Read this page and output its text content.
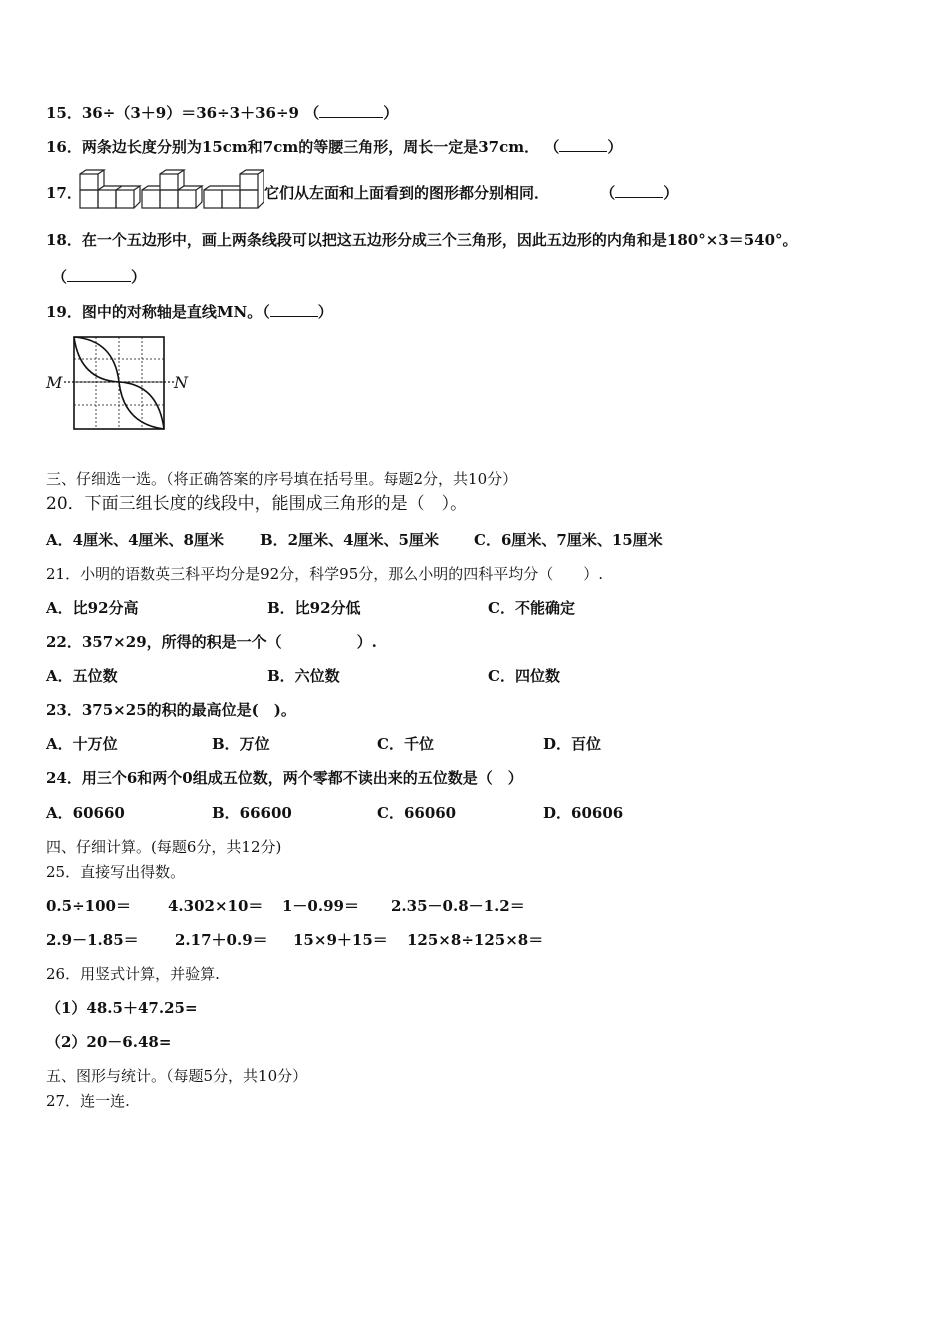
15．36÷（3＋9）＝36÷3＋36÷9 （	）
16．两条边长度分别为15cm和7cm的等腰三角形，周长一定是37cm． （	）
17．	它们从左面和上面看到的图形都分别相同．	（	）
18．在一个五边形中，画上两条线段可以把这五边形分成三个三角形，因此五边形的内角和是180°×3＝540°。
（	）
19．图中的对称轴是直线MN。（	）
M	N
三、仔细选一选。（将正确答案的序号填在括号里。每题2分，共10分）
20．下面三组长度的线段中，能围成三角形的是（　）。
A．4厘米、4厘米、8厘米 B．2厘米、4厘米、5厘米 C．6厘米、7厘米、15厘米
21．小明的语数英三科平均分是92分，科学95分，那么小明的四科平均分（　　）.
A．比92分高	B．比92分低	C．不能确定
22．357×29，所得的积是一个（　　　　　）.
A．五位数	B．六位数	C．四位数
23．375×25的积的最高位是(　)。
A．十万位	B．万位	C．千位	D．百位
24．用三个6和两个0组成五位数，两个零都不读出来的五位数是（　）
A．60660	B．66600	C．66060	D．60606
四、仔细计算。(每题6分，共12分)
25．直接写出得数。
0.5÷100＝ 4.302×10＝ 1－0.99＝ 2.35－0.8－1.2＝
2.9－1.85＝ 2.17＋0.9＝ 15×9＋15＝ 125×8÷125×8＝
26．用竖式计算，并验算.
（1）48.5＋47.25=
（2）20－6.48=
五、图形与统计。（每题5分，共10分）
27．连一连.
